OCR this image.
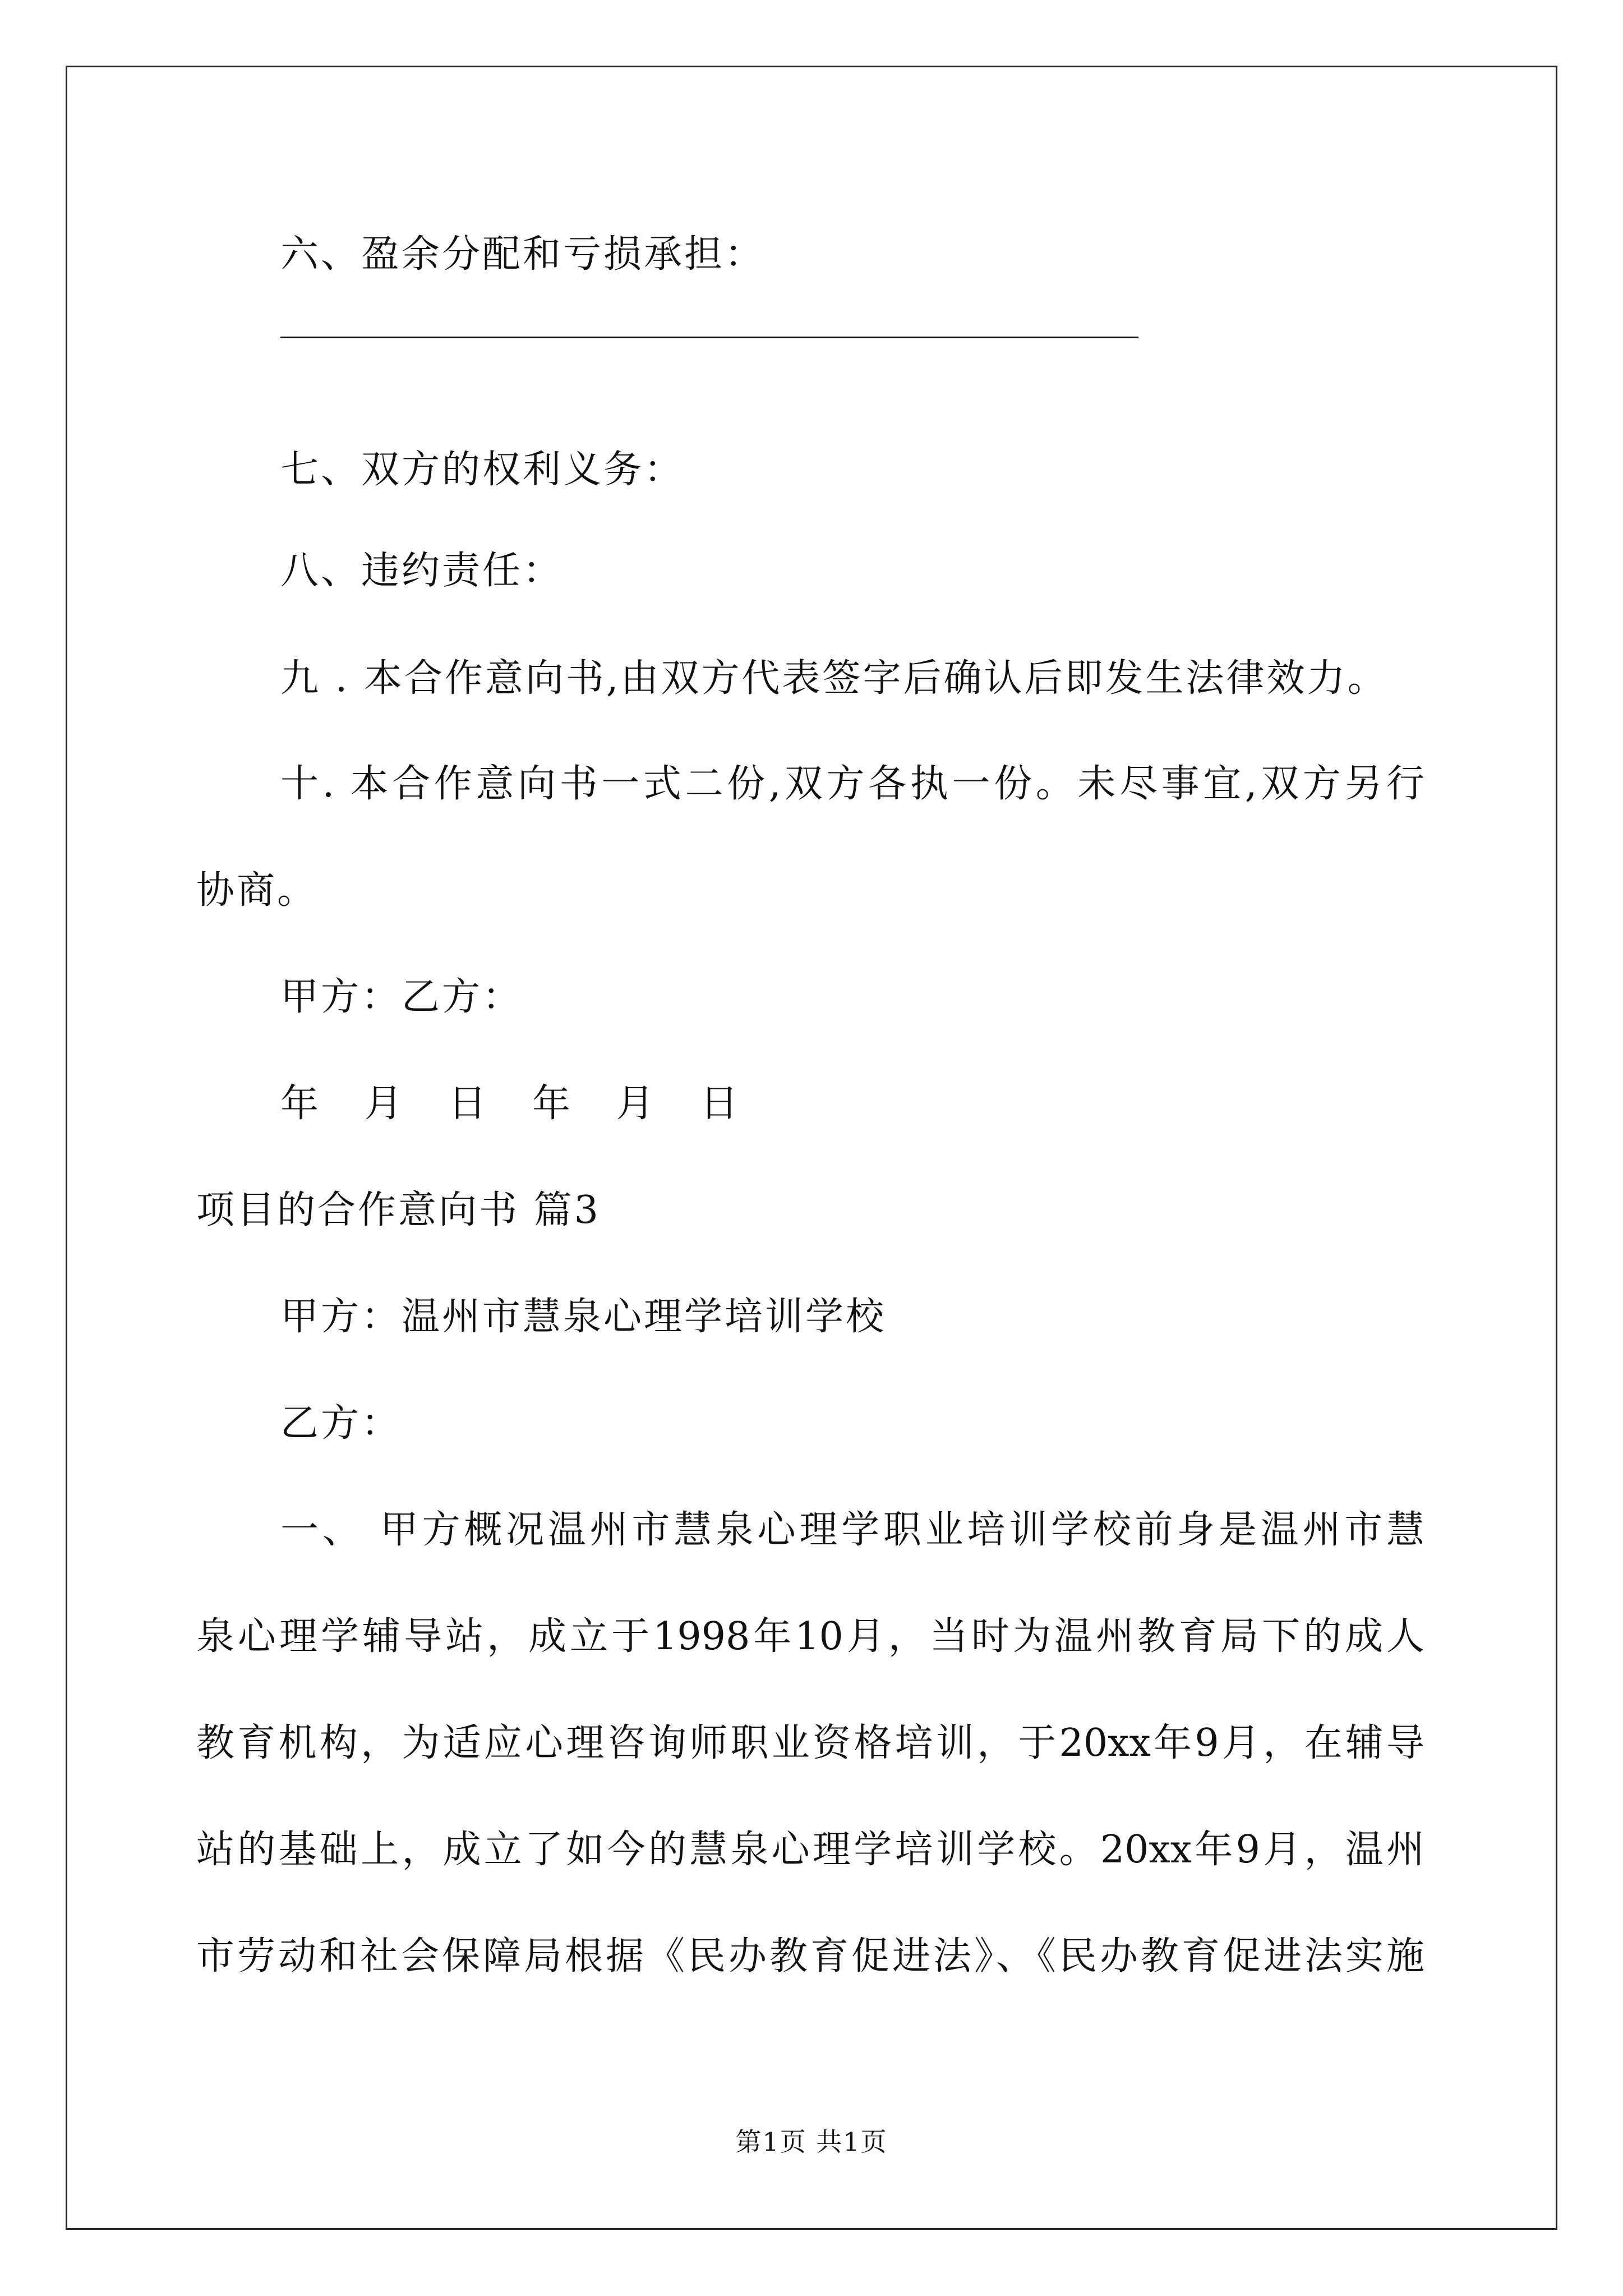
六、盈余分配和亏损承担：
七、双方的权利义务：
八、违约责任：
九 . 本合作意向书,由双方代表签字后确认后即发生法律效力。
十. 本合作意向书一式二份,双方各执一份。未尽事宜,双方另行
协商。
甲方：乙方：
年 月 日 年 月 日
项目的合作意向书 篇3
甲方：温州市慧泉心理学培训学校
乙方：
一、 甲方概况温州市慧泉心理学职业培训学校前身是温州市慧
泉心理学辅导站，成立于1998年10月，当时为温州教育局下的成人
教育机构，为适应心理咨询师职业资格培训，于20xx年9月，在辅导
站的基础上，成立了如今的慧泉心理学培训学校。20xx年9月，温州
市劳动和社会保障局根据《民办教育促进法》、《民办教育促进法实施
第1页 共1页
